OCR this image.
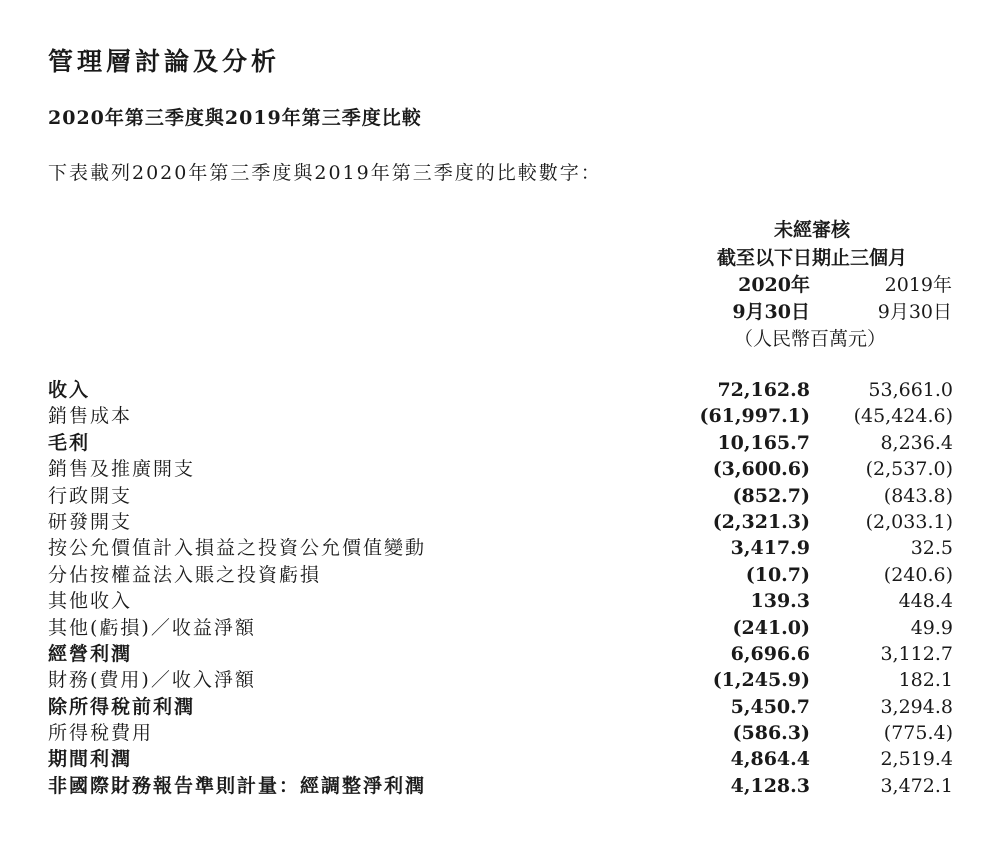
管理層討論及分析
2020年第三季度與2019年第三季度比較
下表載列2020年第三季度與2019年第三季度的比較數字：
未經審核
截至以下日期止三個月
2020年	2019年
9月30日	9月30日
（人民幣百萬元）
收入	72,162.8	53,661.0
銷售成本	(61,997.1) (45,424.6)
毛利	10,165.7	8,236.4
銷售及推廣開支	(3,600.6)	(2,537.0)
行政開支	(852.7)	(843.8)
研發開支	(2,321.3)	(2,033.1)
按公允價值計入損益之投資公允價值變動	3,417.9	32.5
分佔按權益法入賬之投資虧損	(10.7)	(240.6)
其他收入	139.3	448.4
其他(虧損)／收益淨額	(241.0)	49.9
經營利潤	6,696.6	3,112.7
財務(費用)／收入淨額	(1,245.9)	182.1
除所得稅前利潤	5,450.7	3,294.8
所得稅費用	(586.3)	(775.4)
期間利潤	4,864.4	2,519.4
非國際財務報告準則計量：經調整淨利潤	4,128.3	3,472.1
